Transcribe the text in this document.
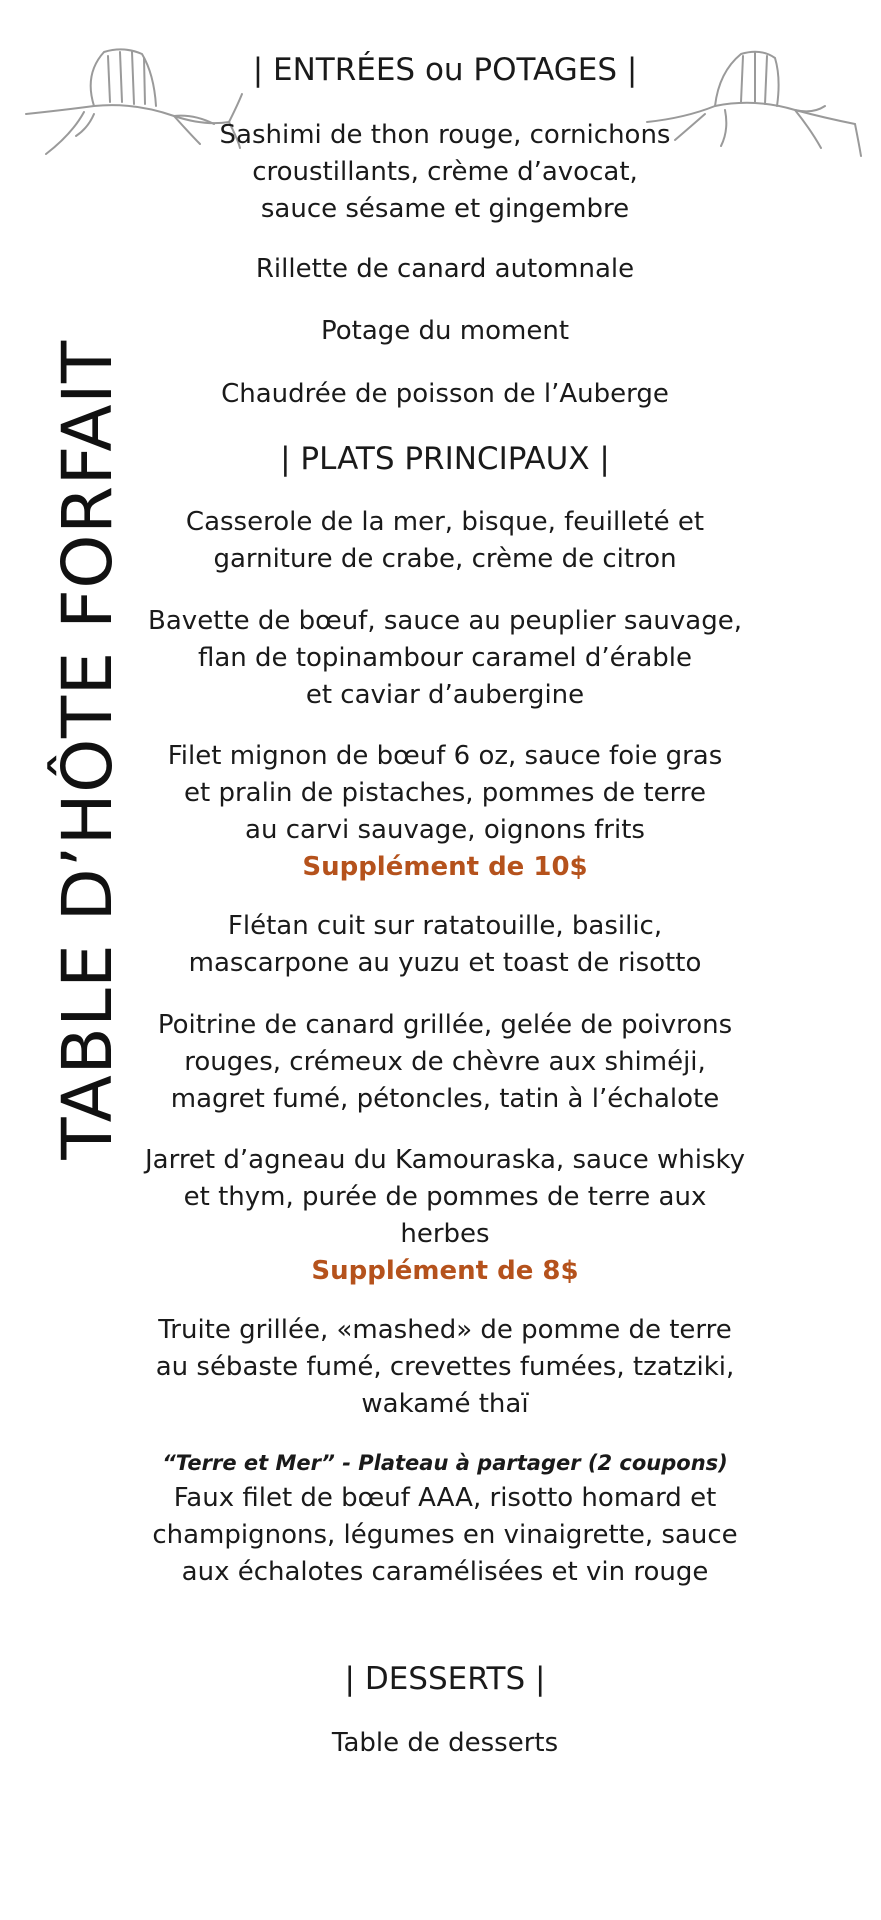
TABLE D’HÔTE FORFAIT

| ENTRÉES ou POTAGES |

Sashimi de thon rouge, cornichons
croustillants, crème d’avocat,
sauce sésame et gingembre

Rillette de canard automnale

Potage du moment

Chaudrée de poisson de l’Auberge

| PLATS PRINCIPAUX |

Casserole de la mer, bisque, feuilleté et
garniture de crabe, crème de citron

Bavette de bœuf, sauce au peuplier sauvage,
flan de topinambour caramel d’érable
et caviar d’aubergine

Filet mignon de bœuf 6 oz, sauce foie gras
et pralin de pistaches, pommes de terre
au carvi sauvage, oignons frits

Supplément de 10$

Flétan cuit sur ratatouille, basilic,
mascarpone au yuzu et toast de risotto

Poitrine de canard grillée, gelée de poivrons
rouges, crémeux de chèvre aux shiméji,
magret fumé, pétoncles, tatin à l’échalote

Jarret d’agneau du Kamouraska, sauce whisky
et thym, purée de pommes de terre aux
herbes

Supplément de 8$

Truite grillée, «mashed» de pomme de terre
au sébaste fumé, crevettes fumées, tzatziki,
wakamé thaï

“Terre et Mer” - Plateau à partager (2 coupons)

Faux filet de bœuf AAA, risotto homard et
champignons, légumes en vinaigrette, sauce
aux échalotes caramélisées et vin rouge

| DESSERTS |

Table de desserts
